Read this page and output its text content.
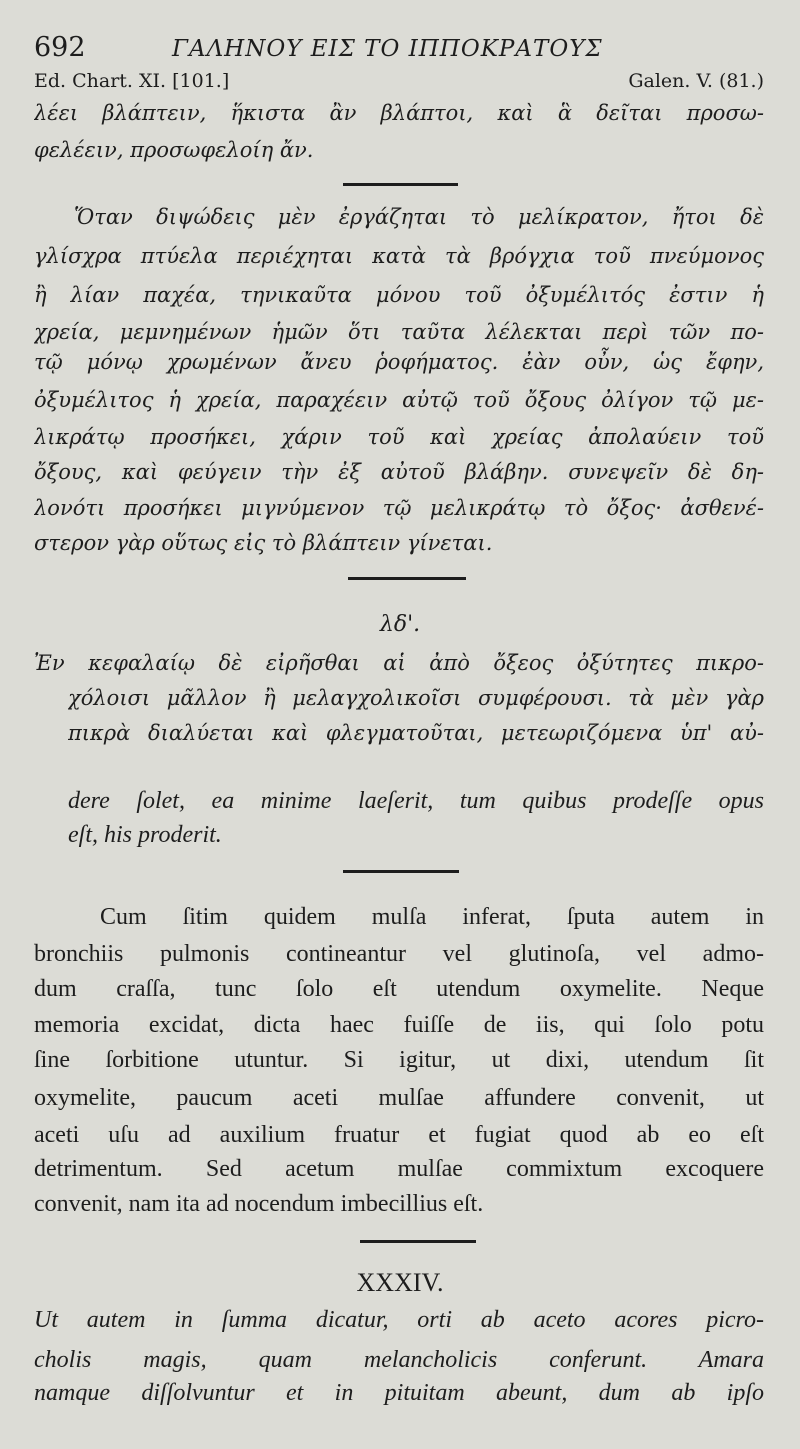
692	ΓΑΛΗΝΟΥ ΕΙΣ ΤΟ ΙΠΠΟΚΡΑΤΟΥΣ
Ed. Chart. XI. [101.]	Galen. V. (81.)
λέει βλάπτειν, ἥκιστα ἂν βλάπτοι, καὶ ἃ δεῖται προσω-
φελέειν, προσωφελοίη ἄν.
Ὅταν διψώδεις μὲν ἐργάζηται τὸ μελίκρατον, ἤτοι δὲ
γλίσχρα πτύελα περιέχηται κατὰ τὰ βρόγχια τοῦ πνεύμονος
ἢ λίαν παχέα, τηνικαῦτα μόνου τοῦ ὀξυμέλιτός ἐστιν ἡ
χρεία, μεμνημένων ἡμῶν ὅτι ταῦτα λέλεκται περὶ τῶν πο-
τῷ μόνῳ χρωμένων ἄνευ ῥοφήματος. ἐὰν οὖν, ὡς ἔφην,
ὀξυμέλιτος ἡ χρεία, παραχέειν αὐτῷ τοῦ ὄξους ὀλίγον τῷ με-
λικράτῳ προσήκει, χάριν τοῦ καὶ χρείας ἀπολαύειν τοῦ
ὄξους, καὶ φεύγειν τὴν ἐξ αὐτοῦ βλάβην. συνεψεῖν δὲ δη-
λονότι προσήκει μιγνύμενον τῷ μελικράτῳ τὸ ὄξος· ἀσθενέ-
στερον γὰρ οὕτως εἰς τὸ βλάπτειν γίνεται.
λδ'.
Ἐν κεφαλαίῳ δὲ εἰρῆσθαι αἱ ἀπὸ ὄξεος ὀξύτητες πικρο-
χόλοισι μᾶλλον ἢ μελαγχολικοῖσι συμφέρουσι. τὰ μὲν γὰρ
πικρὰ διαλύεται καὶ φλεγματοῦται, μετεωριζόμενα ὑπ' αὐ-
dere ſolet, ea minime laeſerit, tum quibus prodeſſe opus
eſt, his proderit.
Cum ſitim quidem mulſa inferat, ſputa autem in
bronchiis pulmonis contineantur vel glutinoſa, vel admo-
dum craſſa, tunc ſolo eſt utendum oxymelite. Neque
memoria excidat, dicta haec fuiſſe de iis, qui ſolo potu
ſine ſorbitione utuntur. Si igitur, ut dixi, utendum ſit
oxymelite, paucum aceti mulſae affundere convenit, ut
aceti uſu ad auxilium fruatur et fugiat quod ab eo eſt
detrimentum. Sed acetum mulſae commixtum excoquere
convenit, nam ita ad nocendum imbecillius eſt.
XXXIV.
Ut autem in ſumma dicatur, orti ab aceto acores picro-
cholis magis, quam melancholicis conferunt. Amara
namque diſſolvuntur et in pituitam abeunt, dum ab ipſo
